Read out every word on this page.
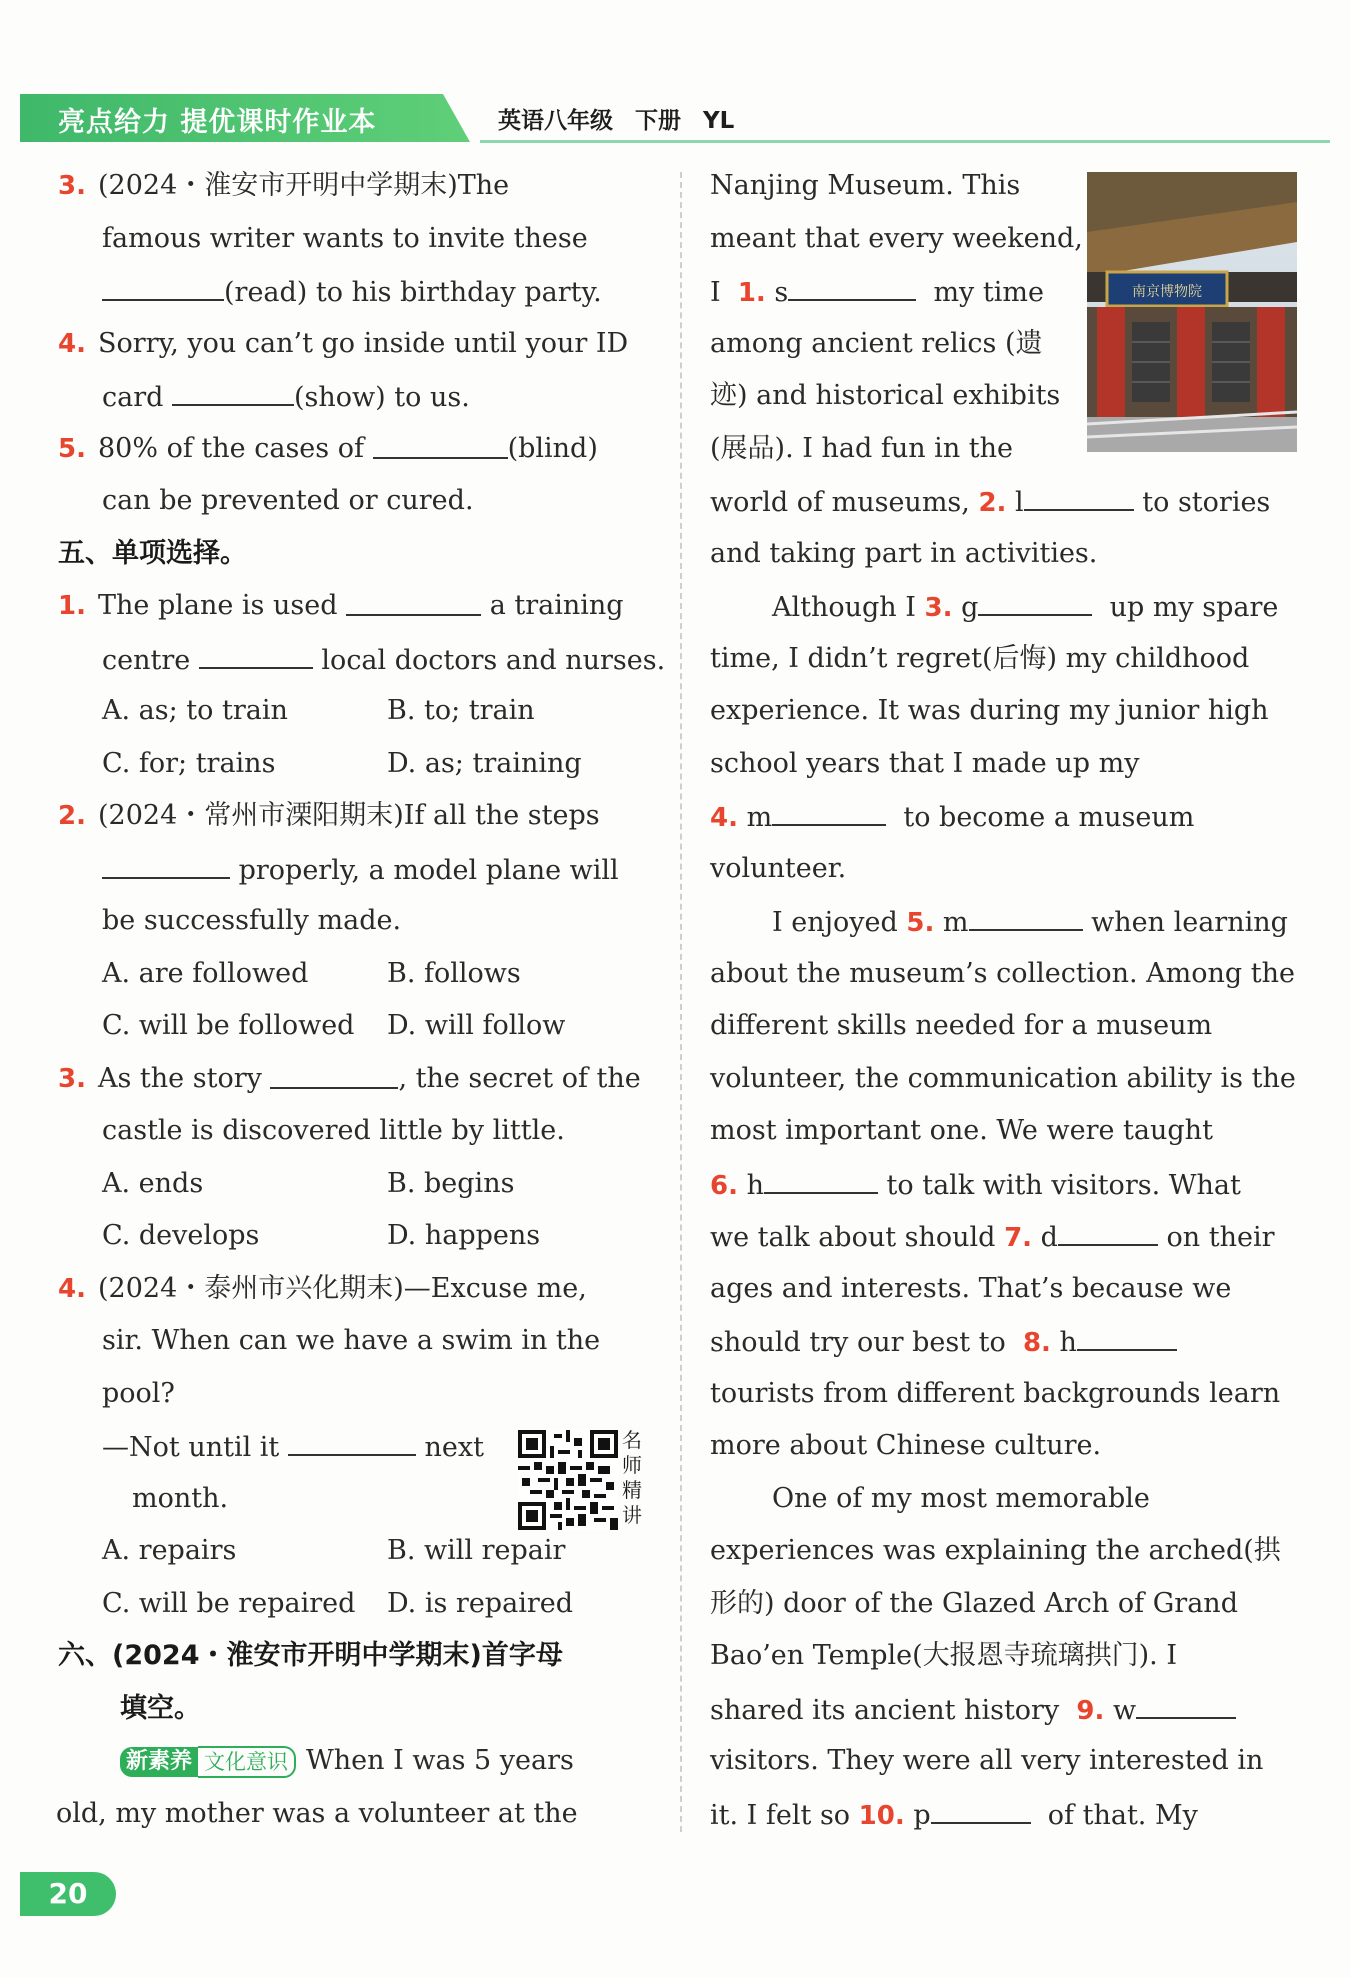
亮点给力 提优课时作业本	英语八年级 下册 YL
3. (2024・淮安市开明中学期末)The
famous writer wants to invite these
(read) to his birthday party.
4. Sorry, you can’t go inside until your ID
card	(show) to us.
5. 80% of the cases of
	(blind)
can be prevented or cured.
五、单项选择。
1. The plane is used

	a training
centre	local doctors and nurses.
A. as; to train	B. to; train
C. for; trains	D. as; training
2. (2024・常州市溧阳期末)If all the steps
properly, a model plane will
be successfully made.
A. are followed	B. follows
C. will be followed	D. will follow
3. As the story
	, the secret of the
castle is discovered little by little.
A. ends	B. begins
C. develops	D. happens
4. (2024・泰州市兴化期末)—Excuse me,
sir. When can we have a swim in the
pool?
—Not until it	next
month.
A. repairs	B. will repair
C. will be repaired	D. is repaired
六、(2024・淮安市开明中学期末)首字母
填空。
新素养 文化意识 When I was 5 years
old, my mother was a volunteer at the
名师精讲
南京博物院
Nanjing Museum. This
meant that every weekend,
I 1. s	my time
among ancient relics (遗
迹) and historical exhibits
(展品). I had fun in the
world of museums, 2. l	to stories
and taking part in activities.
Although I 3. g	up my spare
time, I didn’t regret(后悔) my childhood
experience. It was during my junior high
school years that I made up my
4. m	to become a museum
volunteer.
I enjoyed 5. m	when learning
about the museum’s collection. Among the
different skills needed for a museum
volunteer, the communication ability is the
most important one. We were taught
6. h	to talk with visitors. What
we talk about should 7. d	on their
ages and interests. That’s because we
should try our best to 8. h
tourists from different backgrounds learn
more about Chinese culture.
One of my most memorable
experiences was explaining the arched(拱
形的) door of the Glazed Arch of Grand
Bao’en Temple(大报恩寺琉璃拱门). I
shared its ancient history 9. w
visitors. They were all very interested in
it. I felt so 10. p	of that. My
20
